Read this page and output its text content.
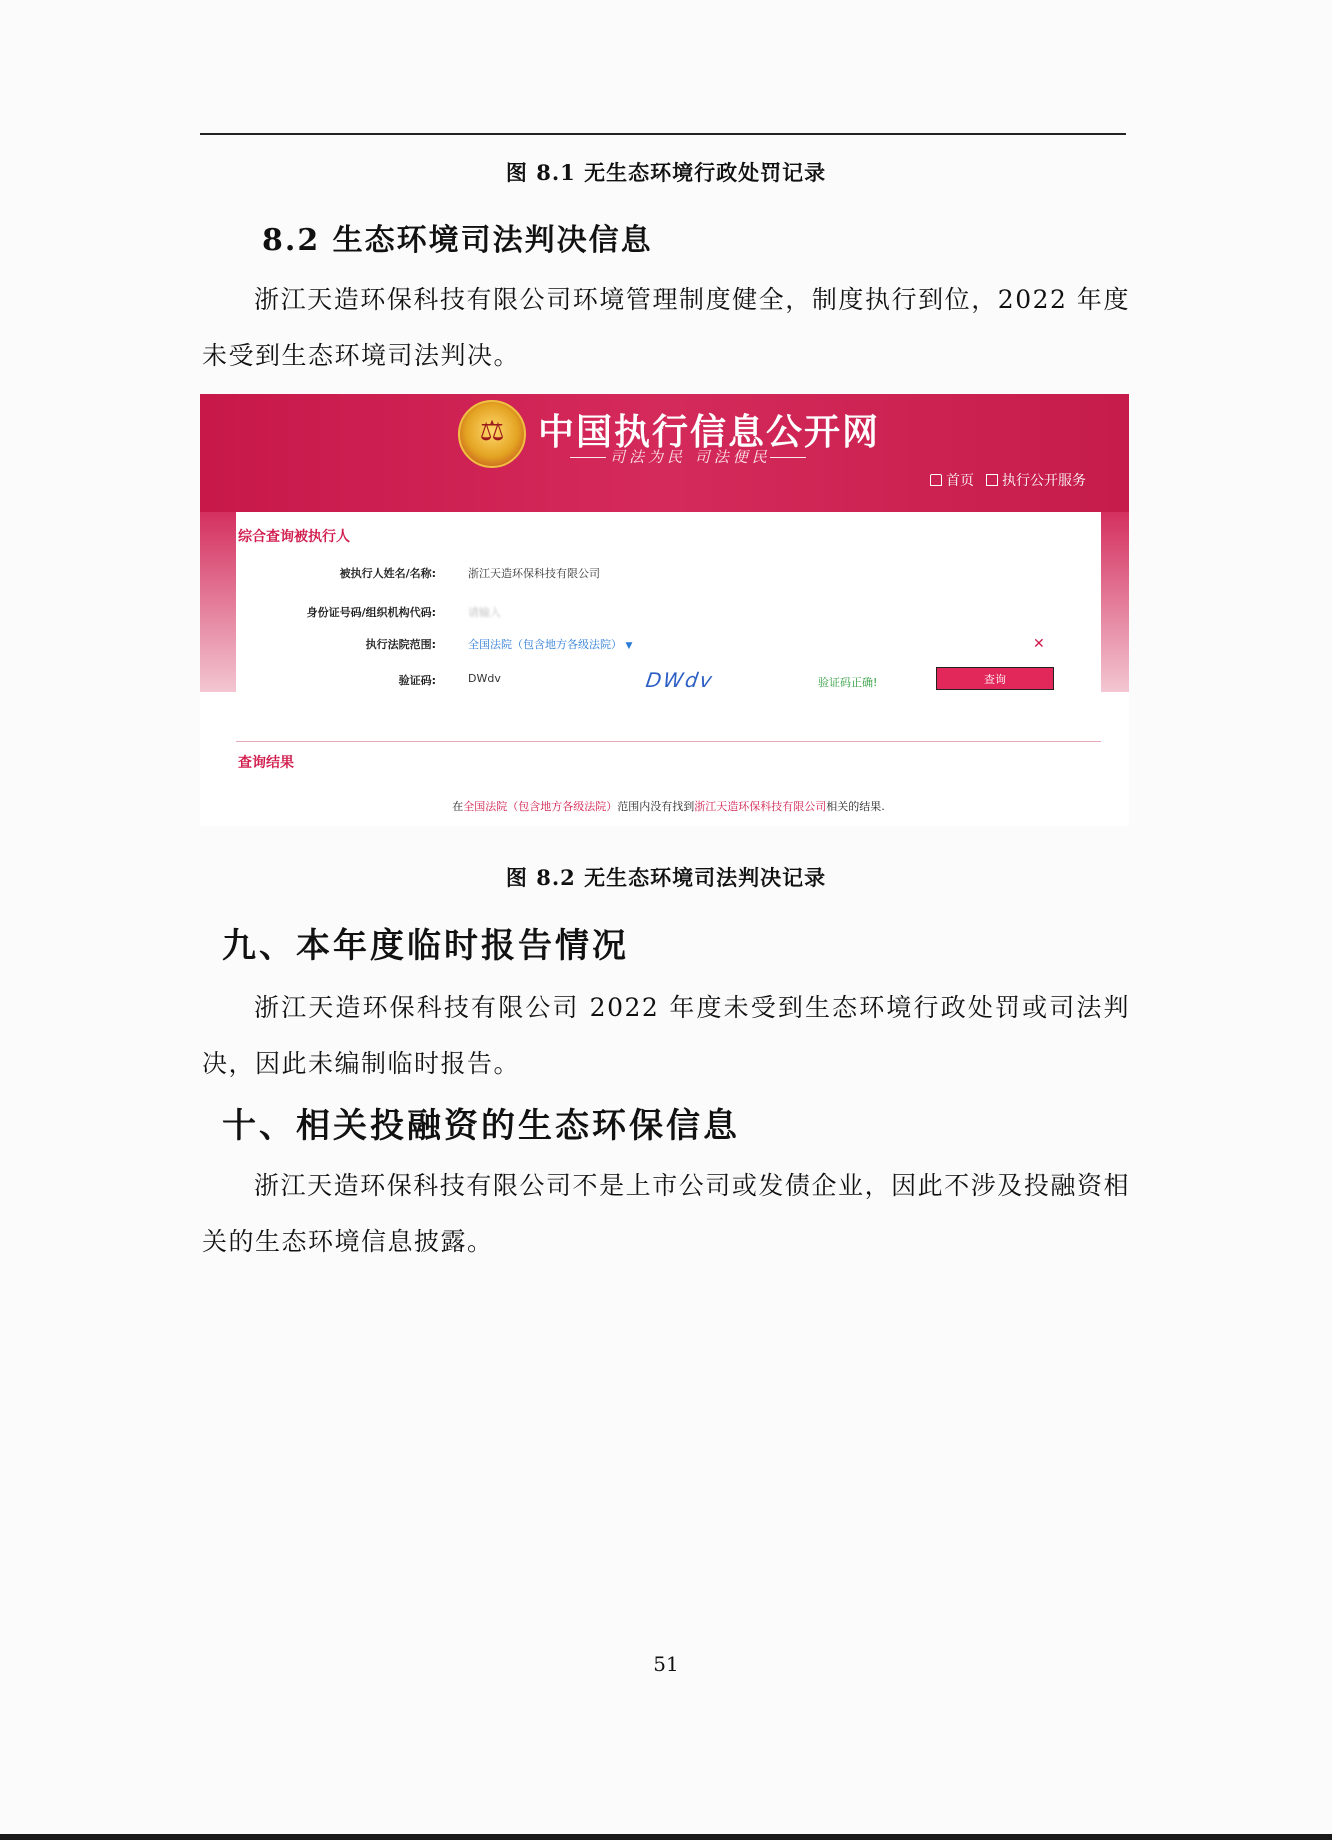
图 8.1 无生态环境行政处罚记录
8.2 生态环境司法判决信息

浙江天造环保科技有限公司环境管理制度健全，制度执行到位，2022 年度未受到生态环境司法判决。

⚖ 中国执行信息公开网
司法为民 司法便民
首页 执行公开服务
综合查询被执行人
被执行人姓名/名称:	浙江天造环保科技有限公司
身份证号码/组织机构代码:	请输入
执行法院范围:	全国法院（包含地方各级法院） ▼	✕
验证码:	DWdv	DWdv	验证码正确!	查询
查询结果
在全国法院（包含地方各级法院）范围内没有找到浙江天造环保科技有限公司相关的结果.
图 8.2 无生态环境司法判决记录
九、本年度临时报告情况

浙江天造环保科技有限公司 2022 年度未受到生态环境行政处罚或司法判决，因此未编制临时报告。

十、相关投融资的生态环保信息

浙江天造环保科技有限公司不是上市公司或发债企业，因此不涉及投融资相关的生态环境信息披露。

51
